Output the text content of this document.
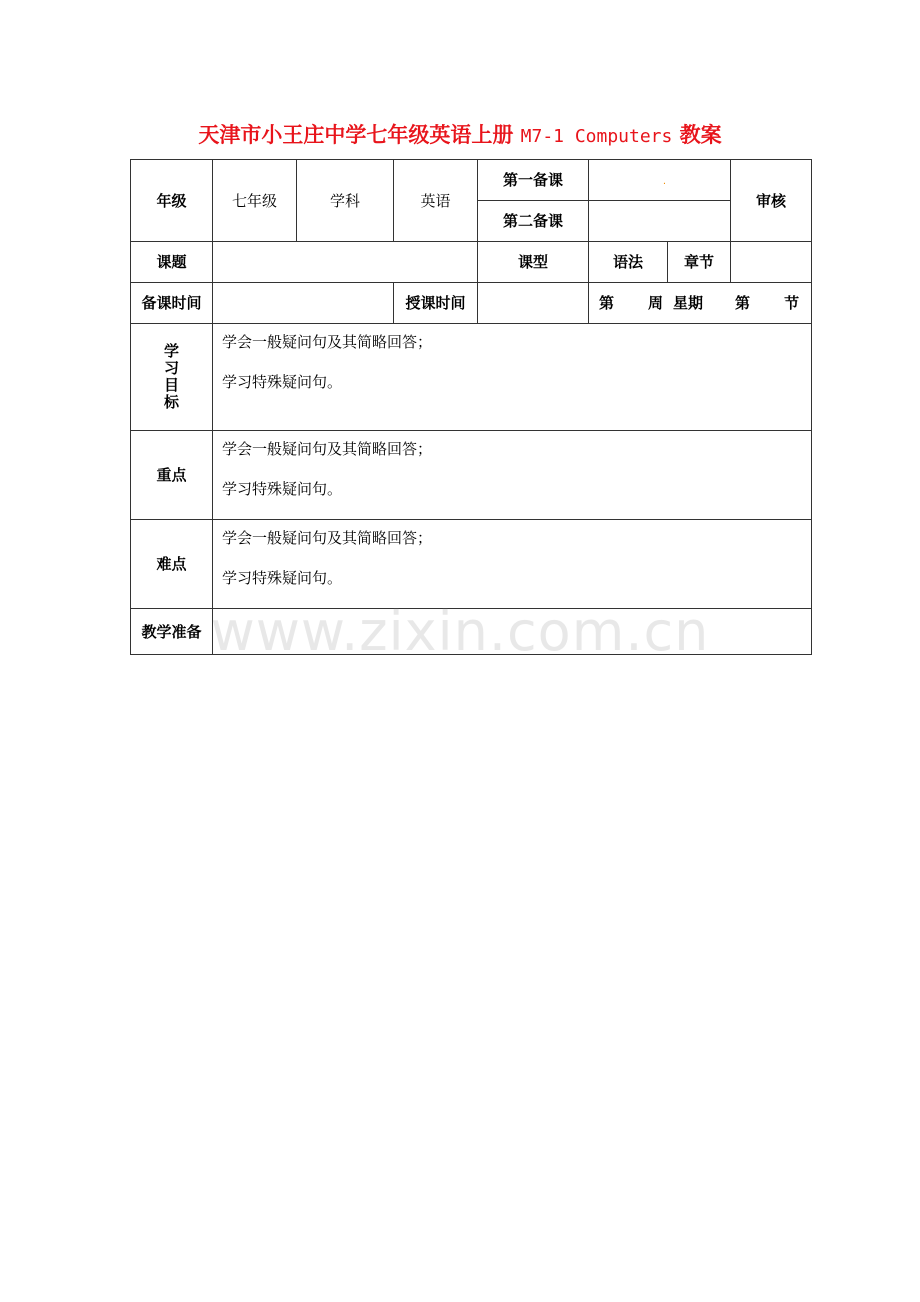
天津市小王庄中学七年级英语上册 M7-1 Computers 教案
年级	七年级	学科	英语	第一备课	.		审核
				第二备课			
课题				课型	语法	章节	
备课时间			授课时间		第 周 星期 第 节		
学习目标	学会一般疑问句及其简略回答；

学习特殊疑问句。						

重点	学会一般疑问句及其简略回答；

学习特殊疑问句。						

难点	学会一般疑问句及其简略回答；

学习特殊疑问句。						

教学准备							www.zixin.com.cn
